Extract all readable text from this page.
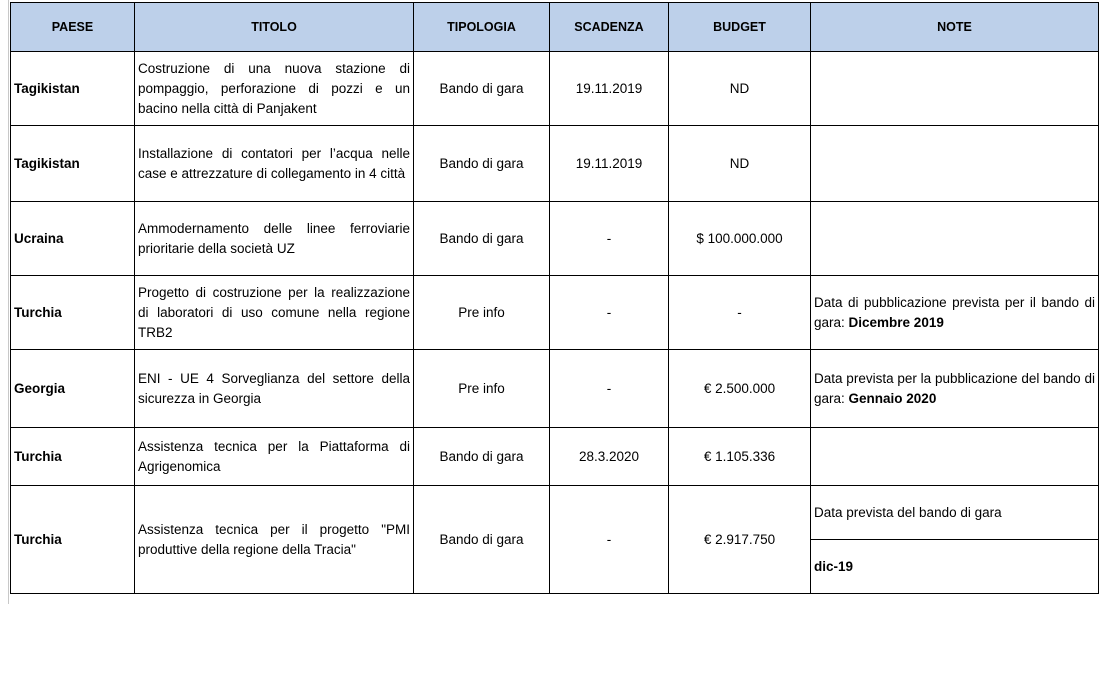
PAESE	TITOLO	TIPOLOGIA	SCADENZA	BUDGET	NOTE
Tagikistan	Costruzione di una nuova stazione di pompaggio, perforazione di pozzi e un bacino nella città di Panjakent	Bando di gara	19.11.2019	ND	
Tagikistan	Installazione di contatori per l’acqua nelle case e attrezzature di collegamento in 4 città	Bando di gara	19.11.2019	ND	
Ucraina	Ammodernamento delle linee ferroviarie prioritarie della società UZ	Bando di gara	-	$ 100.000.000	
Turchia	Progetto di costruzione per la realizzazione di laboratori di uso comune nella regione TRB2	Pre info	-	-	Data di pubblicazione prevista per il bando di gara: Dicembre 2019
Georgia	ENI - UE 4 Sorveglianza del settore della sicurezza in Georgia	Pre info	-	€ 2.500.000	Data prevista per la pubblicazione del bando di gara: Gennaio 2020
Turchia	Assistenza tecnica per la Piattaforma di Agrigenomica	Bando di gara	28.3.2020	€ 1.105.336	
Turchia	Assistenza tecnica per il progetto "PMI produttive della regione della Tracia"	Bando di gara	-	€ 2.917.750	Data prevista del bando di gara
					dic-19
